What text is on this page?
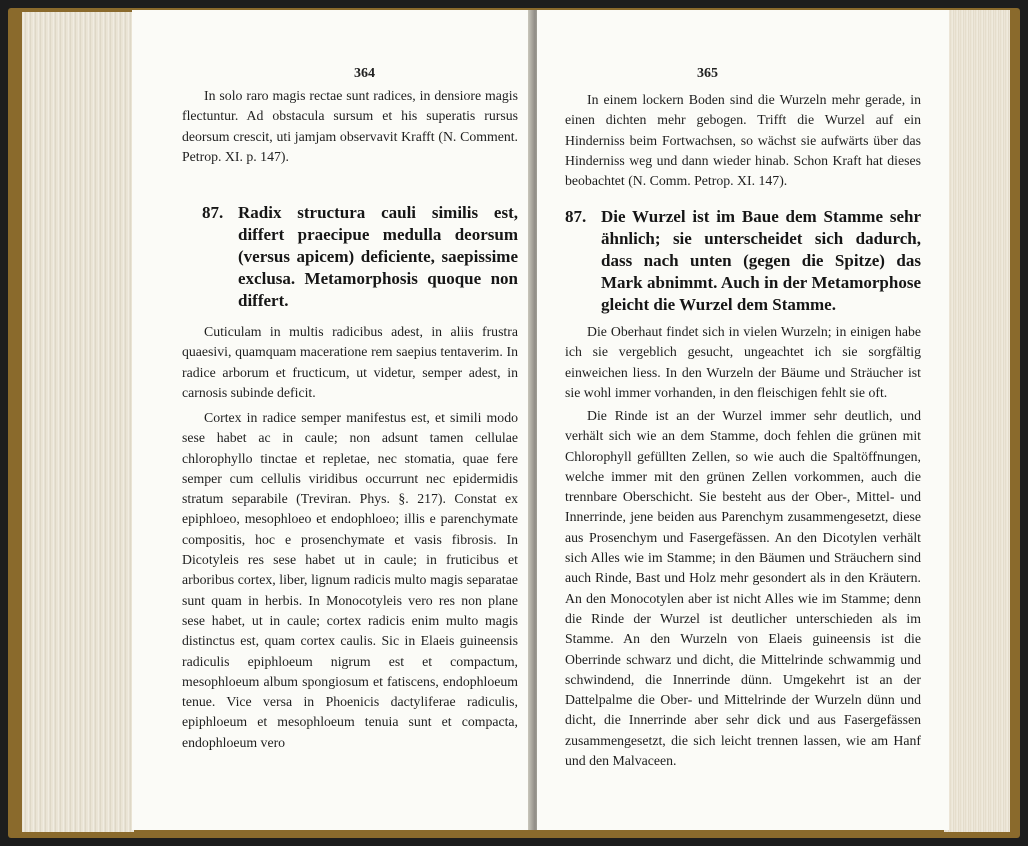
364

In solo raro magis rectae sunt radices, in densiore magis flectuntur. Ad obstacula sursum et his superatis rursus deorsum crescit, uti jamjam observavit Krafft (N. Comment. Petrop. XI. p. 147).

87. Radix structura cauli similis est, differt praecipue medulla deorsum (versus apicem) deficiente, saepissime exclusa. Metamorphosis quoque non differt.

Cuticulam in multis radicibus adest, in aliis frustra quaesivi, quamquam maceratione rem saepius tentaverim. In radice arborum et fructicum, ut videtur, semper adest, in carnosis subinde deficit.

Cortex in radice semper manifestus est, et simili modo sese habet ac in caule; non adsunt tamen cellulae chlorophyllo tinctae et repletae, nec stomatia, quae fere semper cum cellulis viridibus occurrunt nec epidermidis stratum separabile (Treviran. Phys. §. 217). Constat ex epiphloeo, mesophloeo et endophloeo; illis e parenchymate compositis, hoc e prosenchymate et vasis fibrosis. In Dicotyleis res sese habet ut in caule; in fruticibus et arboribus cortex, liber, lignum radicis multo magis separatae sunt quam in herbis. In Monocotyleis vero res non plane sese habet, ut in caule; cortex radicis enim multo magis distinctus est, quam cortex caulis. Sic in Elaeis guineensis radiculis epiphloeum nigrum est et compactum, mesophloeum album spongiosum et fatiscens, endophloeum tenue. Vice versa in Phoenicis dactyliferae radiculis, epiphloeum et mesophloeum tenuia sunt et compacta, endophloeum vero

365

In einem lockern Boden sind die Wurzeln mehr gerade, in einen dichten mehr gebogen. Trifft die Wurzel auf ein Hinderniss beim Fortwachsen, so wächst sie aufwärts über das Hinderniss weg und dann wieder hinab. Schon Kraft hat dieses beobachtet (N. Comm. Petrop. XI. 147).

87. Die Wurzel ist im Baue dem Stamme sehr ähnlich; sie unterscheidet sich dadurch, dass nach unten (gegen die Spitze) das Mark abnimmt. Auch in der Metamorphose gleicht die Wurzel dem Stamme.

Die Oberhaut findet sich in vielen Wurzeln; in einigen habe ich sie vergeblich gesucht, ungeachtet ich sie sorgfältig einweichen liess. In den Wurzeln der Bäume und Sträucher ist sie wohl immer vorhanden, in den fleischigen fehlt sie oft.

Die Rinde ist an der Wurzel immer sehr deutlich, und verhält sich wie an dem Stamme, doch fehlen die grünen mit Chlorophyll gefüllten Zellen, so wie auch die Spaltöffnungen, welche immer mit den grünen Zellen vorkommen, auch die trennbare Oberschicht. Sie besteht aus der Ober-, Mittel- und Innerrinde, jene beiden aus Parenchym zusammengesetzt, diese aus Prosenchym und Fasergefässen. An den Dicotylen verhält sich Alles wie im Stamme; in den Bäumen und Sträuchern sind auch Rinde, Bast und Holz mehr gesondert als in den Kräutern. An den Monocotylen aber ist nicht Alles wie im Stamme; denn die Rinde der Wurzel ist deutlicher unterschieden als im Stamme. An den Wurzeln von Elaeis guineensis ist die Oberrinde schwarz und dicht, die Mittelrinde schwammig und schwindend, die Innerrinde dünn. Umgekehrt ist an der Dattelpalme die Ober- und Mittelrinde der Wurzeln dünn und dicht, die Innerrinde aber sehr dick und aus Fasergefässen zusammengesetzt, die sich leicht trennen lassen, wie am Hanf und den Malvaceen.
